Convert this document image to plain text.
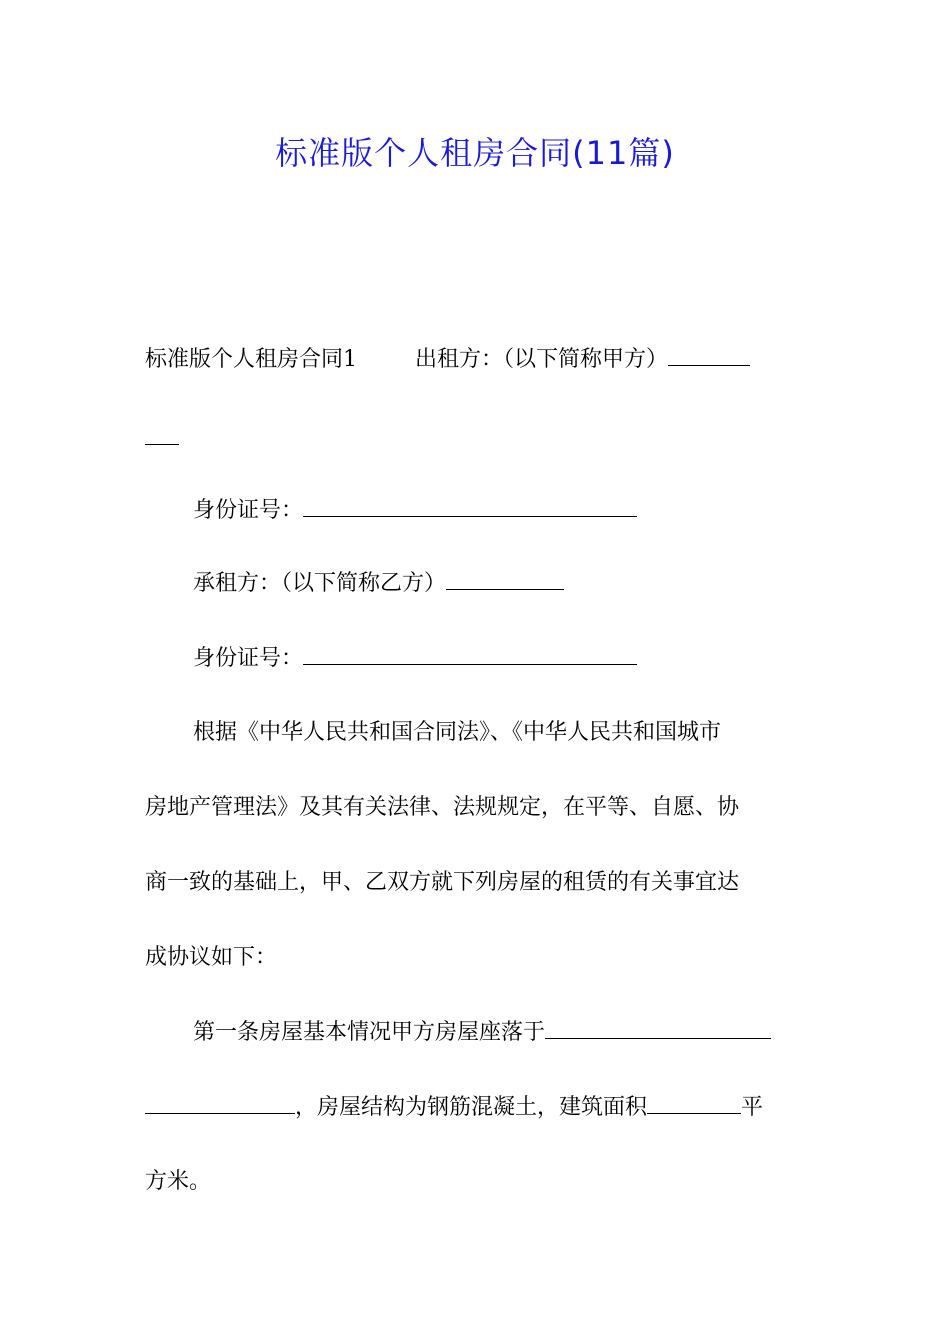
标准版个人租房合同(11篇)
标准版个人租房合同1	出租方：（以下简称甲方）
身份证号：
承租方：（以下简称乙方）
身份证号：
根据《中华人民共和国合同法》、《中华人民共和国城市
房地产管理法》及其有关法律、法规规定，在平等、自愿、协
商一致的基础上，甲、乙双方就下列房屋的租赁的有关事宜达
成协议如下：
第一条房屋基本情况甲方房屋座落于
，房屋结构为钢筋混凝土，建筑面积	平
方米。
